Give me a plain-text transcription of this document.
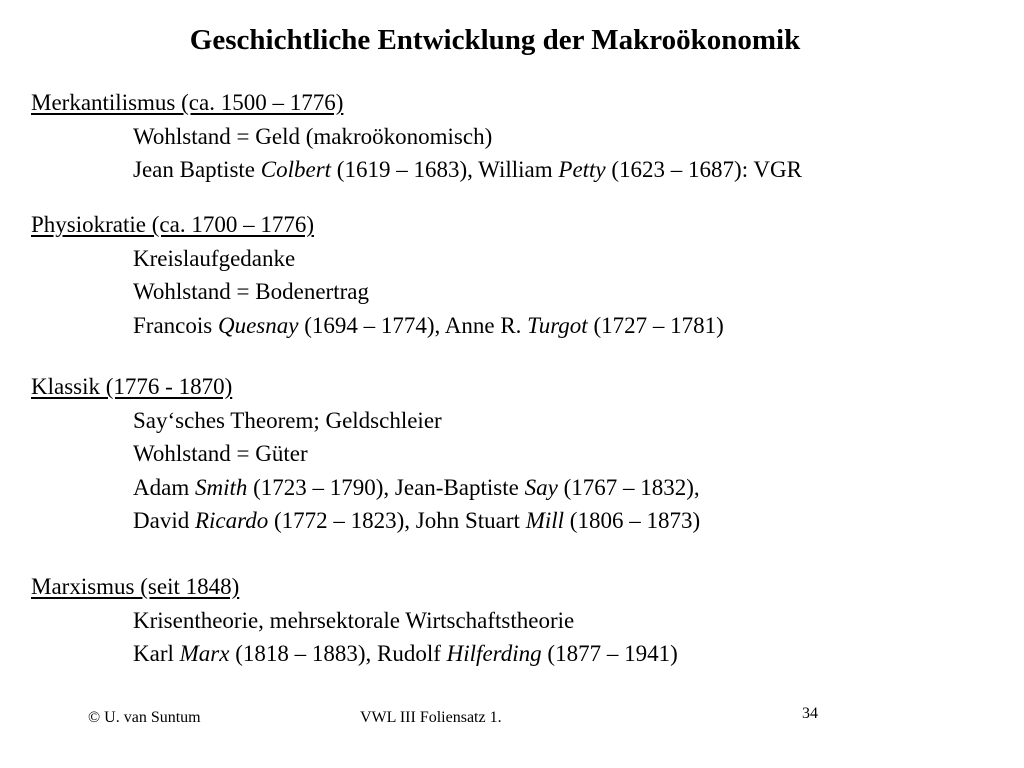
Geschichtliche Entwicklung der Makroökonomik
Merkantilismus (ca. 1500 – 1776)
Wohlstand = Geld (makroökonomisch)
Jean Baptiste Colbert (1619 – 1683), William Petty (1623 – 1687): VGR
Physiokratie (ca. 1700 – 1776)
Kreislaufgedanke
Wohlstand = Bodenertrag
Francois Quesnay (1694 – 1774), Anne R. Turgot (1727 – 1781)
Klassik (1776 - 1870)
Say‘sches Theorem; Geldschleier
Wohlstand = Güter
Adam Smith (1723 – 1790), Jean-Baptiste Say (1767 – 1832),
David Ricardo (1772 – 1823), John Stuart Mill (1806 – 1873)
Marxismus (seit 1848)
Krisentheorie, mehrsektorale Wirtschaftstheorie
Karl Marx (1818 – 1883), Rudolf Hilferding (1877 – 1941)
© U. van Suntum	VWL III Foliensatz 1.	34
